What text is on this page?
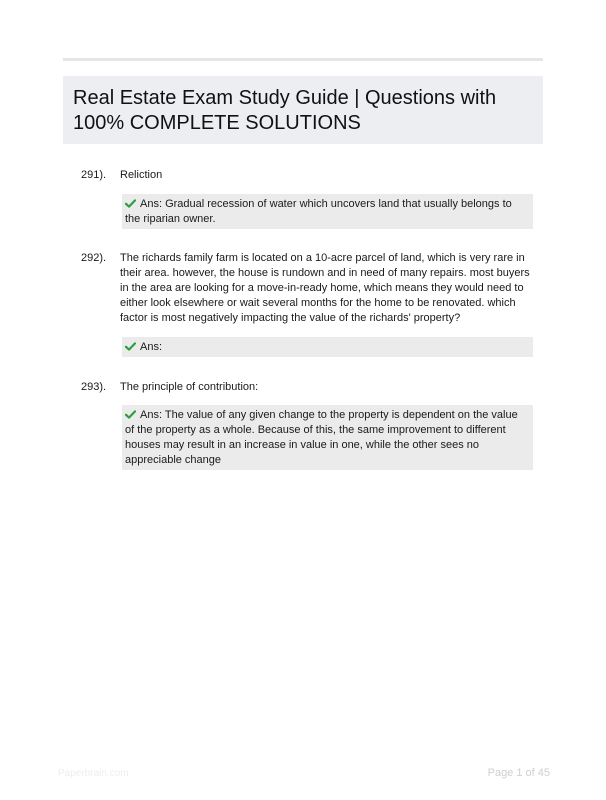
Real Estate Exam Study Guide | Questions with 100% COMPLETE SOLUTIONS
291). Reliction
Ans: Gradual recession of water which uncovers land that usually belongs to the riparian owner.
292). The richards family farm is located on a 10-acre parcel of land, which is very rare in their area. however, the house is rundown and in need of many repairs. most buyers in the area are looking for a move-in-ready home, which means they would need to either look elsewhere or wait several months for the home to be renovated. which factor is most negatively impacting the value of the richards' property?
Ans:
293). The principle of contribution:
Ans: The value of any given change to the property is dependent on the value of the property as a whole. Because of this, the same improvement to different houses may result in an increase in value in one, while the other sees no appreciable change
Paperbrain.com	Page 1 of 45
